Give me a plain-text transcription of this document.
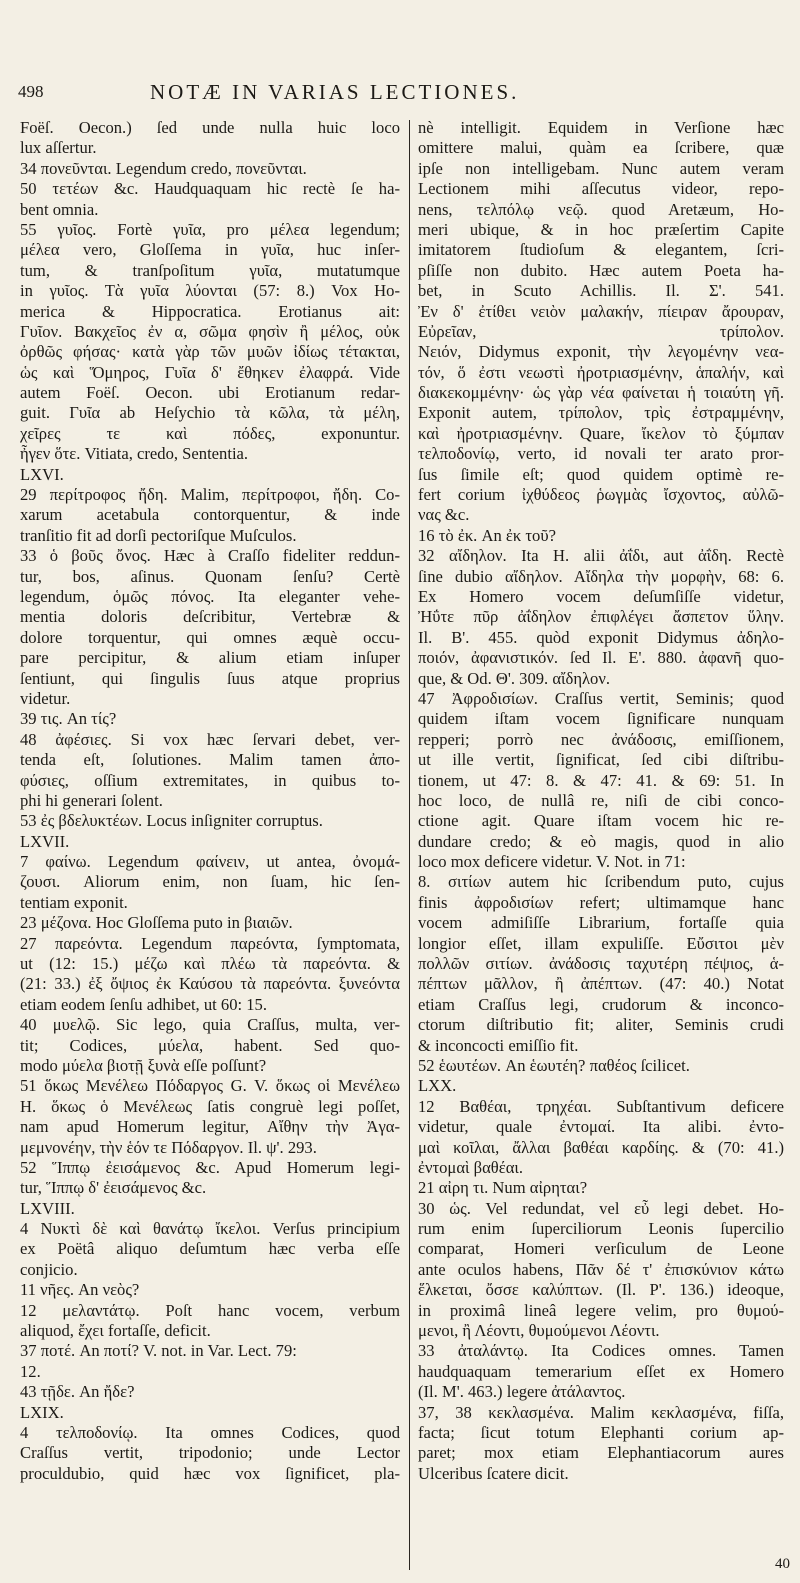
498	NOTÆ IN VARIAS LECTIONES.
Foëſ. Oecon.) ſed unde nulla huic loco
lux aſſertur.
34 πονεῦνται. Legendum credo, πονεῦνται.
50 τετέων &c. Haudquaquam hic rectè ſe ha-
bent omnia.
55 γυῖος. Fortè γυῖα, pro μέλεα legendum;
μέλεα vero, Gloſſema in γυῖα, huc inſer-
tum, & tranſpoſitum γυῖα, mutatumque
in γυῖος. Τὰ γυῖα λύονται (57: 8.) Vox Ho-
merica & Hippocratica. Erotianus ait:
Γυῖον. Βακχεῖος ἐν α, σῶμα φησὶν ἢ μέλος, οὐκ
ὀρθῶς φήσας· κατὰ γὰρ τῶν μυῶν ἰδίως τέτακται,
ὡς καὶ Ὅμηρος, Γυῖα δ' ἔθηκεν ἐλαφρά. Vide
autem Foëſ. Oecon. ubi Erotianum redar-
guit. Γυῖα ab Heſychio τὰ κῶλα, τὰ μέλη,
χεῖρες τε καὶ πόδες, exponuntur.
ἦγεν ὅτε. Vitiata, credo, Sententia.
LXVI.
29 περίτροφος ἤδη. Malim, περίτροφοι, ἤδη. Co-
xarum acetabula contorquentur, & inde
tranſitio fit ad dorſi pectoriſque Muſculos.
33 ὁ βοῦς ὄνος. Hæc à Craſſo fideliter reddun-
tur, bos, aſinus. Quonam ſenſu? Certè
legendum, ὁμῶς πόνος. Ita eleganter vehe-
mentia doloris deſcribitur, Vertebræ &
dolore torquentur, qui omnes æquè occu-
pare percipitur, & alium etiam inſuper
ſentiunt, qui ſingulis ſuus atque proprius
videtur.
39 τις. An τίς?
48 ἀφέσιες. Si vox hæc ſervari debet, ver-
tenda eſt, ſolutiones. Malim tamen ἀπο-
φύσιες, oſſium extremitates, in quibus to-
phi hi generari ſolent.
53 ἐς βδελυκτέων. Locus inſigniter corruptus.
LXVII.
7 φαίνω. Legendum φαίνειν, ut antea, ὀνομά-
ζουσι. Aliorum enim, non ſuam, hic ſen-
tentiam exponit.
23 μέζονα. Hoc Gloſſema puto in βιαιῶν.
27 παρεόντα. Legendum παρεόντα, ſymptomata,
ut (12: 15.) μέζω καὶ πλέω τὰ παρεόντα. &
(21: 33.) ἐξ ὄψιος ἐκ Καύσου τὰ παρεόντα. ξυνεόντα
etiam eodem ſenſu adhibet, ut 60: 15.
40 μυελῷ. Sic lego, quia Craſſus, multa, ver-
tit; Codices, μύελα, habent. Sed quo-
modo μύελα βιοτῇ ξυνὰ eſſe poſſunt?
51 ὅκως Μενέλεω Πόδαργος G. V. ὅκως οἱ Μενέλεω
H. ὅκως ὁ Μενέλεως ſatis congruè legi poſſet,
nam apud Homerum legitur, Αἴθην τὴν Ἀγα-
μεμνονέην, τὴν ἑόν τε Πόδαργον. Il. ψ'. 293.
52 Ἵππῳ ἐεισάμενος &c. Apud Homerum legi-
tur, Ἵππῳ δ' ἐεισάμενος &c.
LXVIII.
4 Νυκτὶ δὲ καὶ θανάτῳ ἴκελοι. Verſus principium
ex Poëtâ aliquo deſumtum hæc verba eſſe
conjicio.
11 νῆες. An νεὸς?
12 μελαντάτῳ. Poſt hanc vocem, verbum
aliquod, ἔχει fortaſſe, deficit.
37 ποτέ. An ποτί? V. not. in Var. Lect. 79:
12.
43 τῇδε. An ἤδε?
LXIX.
4 τελποδονίῳ. Ita omnes Codices, quod
Craſſus vertit, tripodonio; unde Lector
proculdubio, quid hæc vox ſignificet, pla-
nè intelligit. Equidem in Verſione hæc
omittere malui, quàm ea ſcribere, quæ
ipſe non intelligebam. Nunc autem veram
Lectionem mihi aſſecutus videor, repo-
nens, τελπόλῳ νεῷ. quod Aretæum, Ho-
meri ubique, & in hoc præſertim Capite
imitatorem ſtudioſum & elegantem, ſcri-
pſiſſe non dubito. Hæc autem Poeta ha-
bet, in Scuto Achillis. Il. Σ'. 541.
Ἐν δ' ἐτίθει νειὸν μαλακήν, πίειραν ἄρουραν,
Εὐρεῖαν, τρίπολον.
Νειόν, Didymus exponit, τὴν λεγομένην νεα-
τόν, ὅ ἐστι νεωστὶ ἠροτριασμένην, ἁπαλήν, καὶ
διακεκομμένην· ὡς γὰρ νέα φαίνεται ἡ τοιαύτη γῆ.
Exponit autem, τρίπολον, τρὶς ἐστραμμένην,
καὶ ἠροτριασμένην. Quare, ἴκελον τὸ ξύμπαν
τελποδονίῳ, verto, id novali ter arato pror-
ſus ſimile eſt; quod quidem optimè re-
fert corium ἰχθύδεος ῥωγμὰς ἴσχοντος, αὐλῶ-
νας &c.
16 τὸ ἐκ. An ἐκ τοῦ?
32 αἴδηλον. Ita H. alii ἀΐδι, aut ἀΐδη. Rectè
ſine dubio αἴδηλον. Αἴδηλα τὴν μορφὴν, 68: 6.
Ex Homero vocem deſumſiſſe videtur,
Ἠΰτε πῦρ ἀΐδηλον ἐπιφλέγει ἄσπετον ὕλην.
Il. Β'. 455. quòd exponit Didymus ἀδηλο-
ποιόν, ἀφανιστικόν. ſed Il. Ε'. 880. ἀφανῆ quo-
que, & Od. Θ'. 309. αἴδηλον.
47 Ἀφροδισίων. Craſſus vertit, Seminis; quod
quidem iſtam vocem ſignificare nunquam
repperi; porrò nec ἀνάδοσις, emiſſionem,
ut ille vertit, ſignificat, ſed cibi diſtribu-
tionem, ut 47: 8. & 47: 41. & 69: 51. In
hoc loco, de nullâ re, niſi de cibi conco-
ctione agit. Quare iſtam vocem hic re-
dundare credo; & eò magis, quod in alio
loco mox deficere videtur. V. Not. in 71:
8. σιτίων autem hic ſcribendum puto, cujus
finis ἀφροδισίων refert; ultimamque hanc
vocem admiſiſſe Librarium, fortaſſe quia
longior eſſet, illam expuliſſe. Εὔσιτοι μὲν
πολλῶν σιτίων. ἀνάδοσις ταχυτέρη πέψιος, ἁ-
πέπτων μᾶλλον, ἢ ἀπέπτων. (47: 40.) Notat
etiam Craſſus legi, crudorum & inconco-
ctorum diſtributio fit; aliter, Seminis crudi
& inconcocti emiſſio fit.
52 ἑωυτέων. An ἑωυτέη? παθέος ſcilicet.
LXX.
12 Βαθέαι, τρηχέαι. Subſtantivum deficere
videtur, quale ἐντομαί. Ita alibi. ἐντο-
μαὶ κοῖλαι, ἄλλαι βαθέαι καρδίης. & (70: 41.)
ἐντομαὶ βαθέαι.
21 αἰρη τι. Num αἰρηται?
30 ὡς. Vel redundat, vel εὖ legi debet. Ho-
rum enim ſuperciliorum Leonis ſupercilio
comparat, Homeri verſiculum de Leone
ante oculos habens, Πᾶν δέ τ' ἐπισκύνιον κάτω
ἕλκεται, ὄσσε καλύπτων. (Il. Ρ'. 136.) ideoque,
in proximâ lineâ legere velim, pro θυμού-
μενοι, ἢ Λέοντι, θυμούμενοι Λέοντι.
33 ἀταλάντῳ. Ita Codices omnes. Tamen
haudquaquam temerarium eſſet ex Homero
(Il. Μ'. 463.) legere ἀτάλαντος.
37, 38 κεκλασμένα. Malim κεκλασμένα, fiſſa,
facta; ſicut totum Elephanti corium ap-
paret; mox etiam Elephantiacorum aures
Ulceribus ſcatere dicit.
40
